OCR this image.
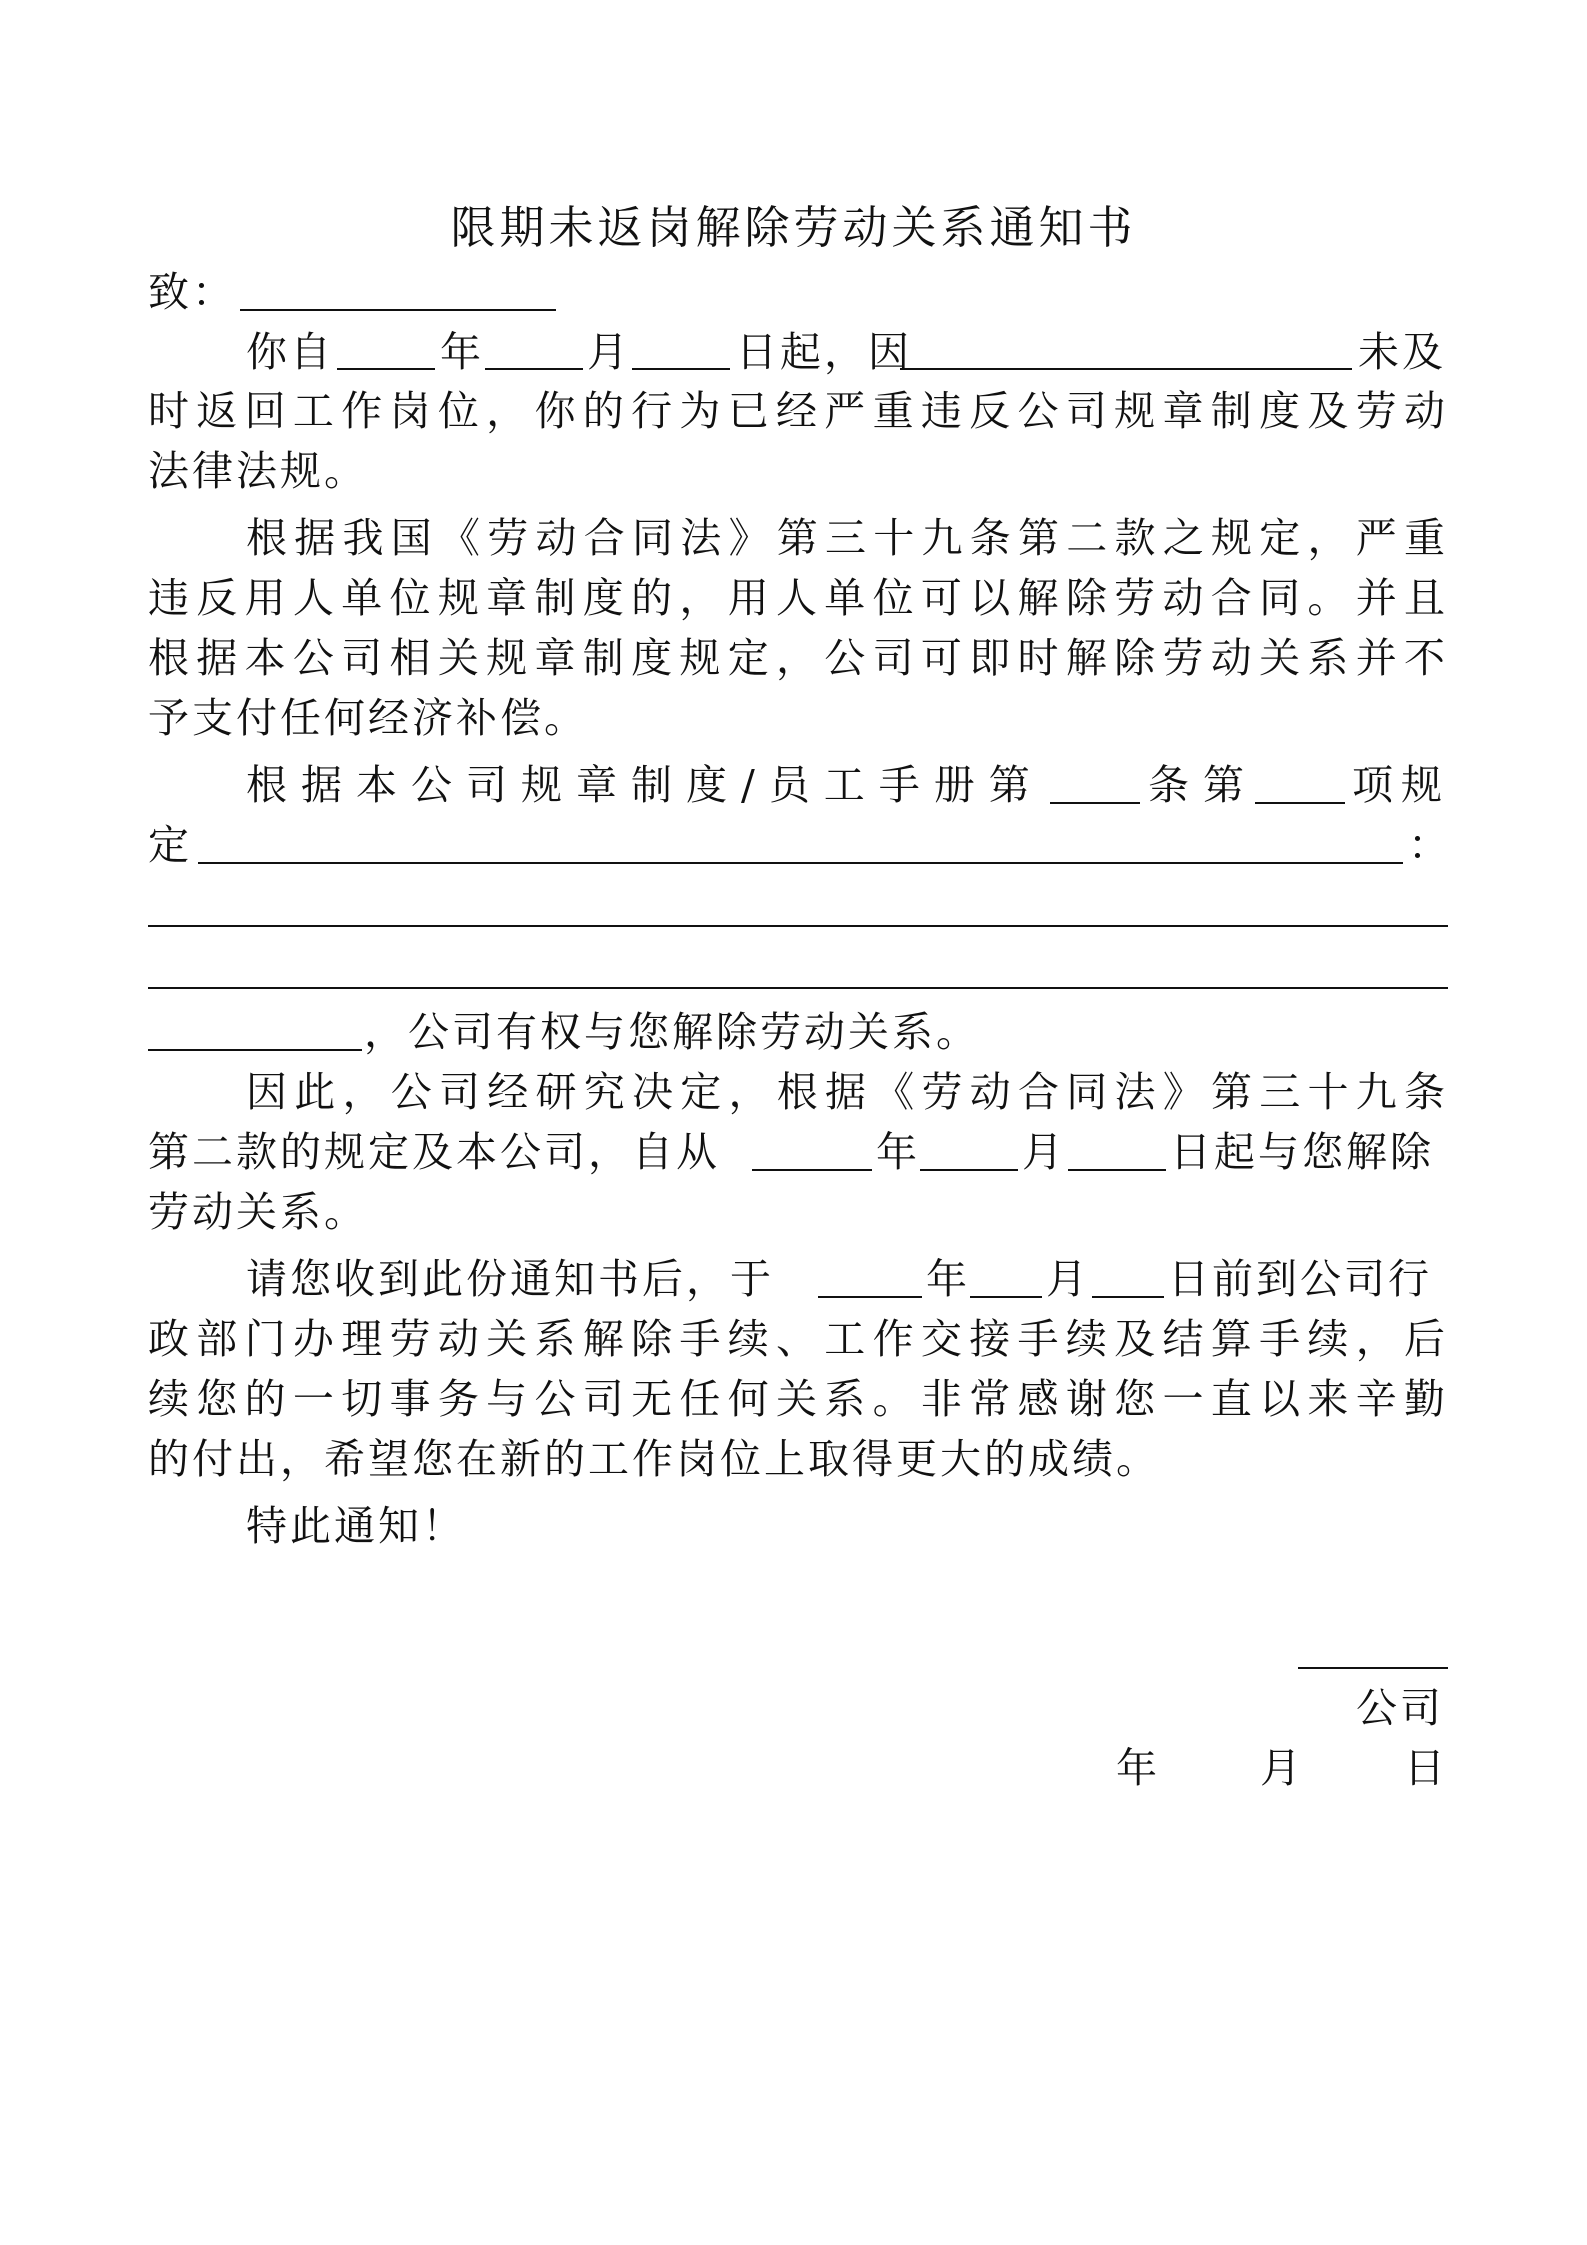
限期未返岗解除劳动关系通知书
致：
你自	年	月	日起，因	未及
时返回工作岗位，你的行为已经严重违反公司规章制度及劳动
法律法规。
根据我国《劳动合同法》第三十九条第二款之规定，严重
违反用人单位规章制度的，用人单位可以解除劳动合同。并且
根据本公司相关规章制度规定，公司可即时解除劳动关系并不
予支付任何经济补偿。
根据本公司规章制度/员工手册第	条第	项规
定	：
，公司有权与您解除劳动关系。
因此，公司经研究决定，根据《劳动合同法》第三十九条
第二款的规定及本公司，自从	年	月	日起与您解除
劳动关系。
请您收到此份通知书后，于	年	月	日前到公司行
政部门办理劳动关系解除手续、工作交接手续及结算手续，后
续您的一切事务与公司无任何关系。非常感谢您一直以来辛勤
的付出，希望您在新的工作岗位上取得更大的成绩。
特此通知！
公司
年	月	日
